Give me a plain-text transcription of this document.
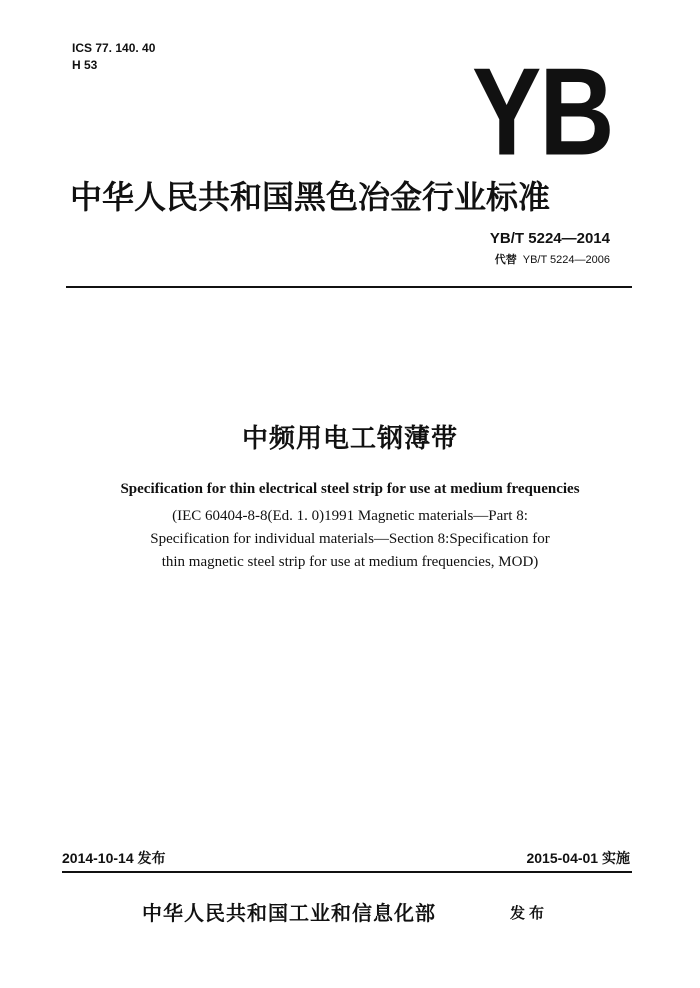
ICS 77. 140. 40
H 53	YB
中华人民共和国黑色冶金行业标准
YB/T 5224—2014
代替 YB/T 5224—2006
中频用电工钢薄带
Specification for thin electrical steel strip for use at medium frequencies
(IEC 60404-8-8(Ed. 1. 0)1991 Magnetic materials—Part 8:
Specification for individual materials—Section 8:Specification for
thin magnetic steel strip for use at medium frequencies, MOD)
2014-10-14 发布	2015-04-01 实施
中华人民共和国工业和信息化部	发布
